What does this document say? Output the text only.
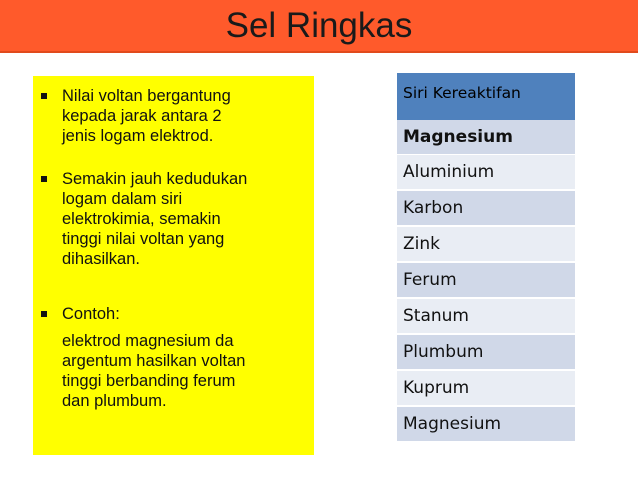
Sel Ringkas
Nilai voltan bergantung
kepada jarak antara 2
jenis logam elektrod.
Semakin jauh kedudukan
logam dalam siri
elektrokimia, semakin
tinggi nilai voltan yang
dihasilkan.
Contoh:
elektrod magnesium da
argentum hasilkan voltan
tinggi berbanding ferum
dan plumbum.
Siri Kereaktifan
Magnesium
Aluminium
Karbon
Zink
Ferum
Stanum
Plumbum
Kuprum
Magnesium
